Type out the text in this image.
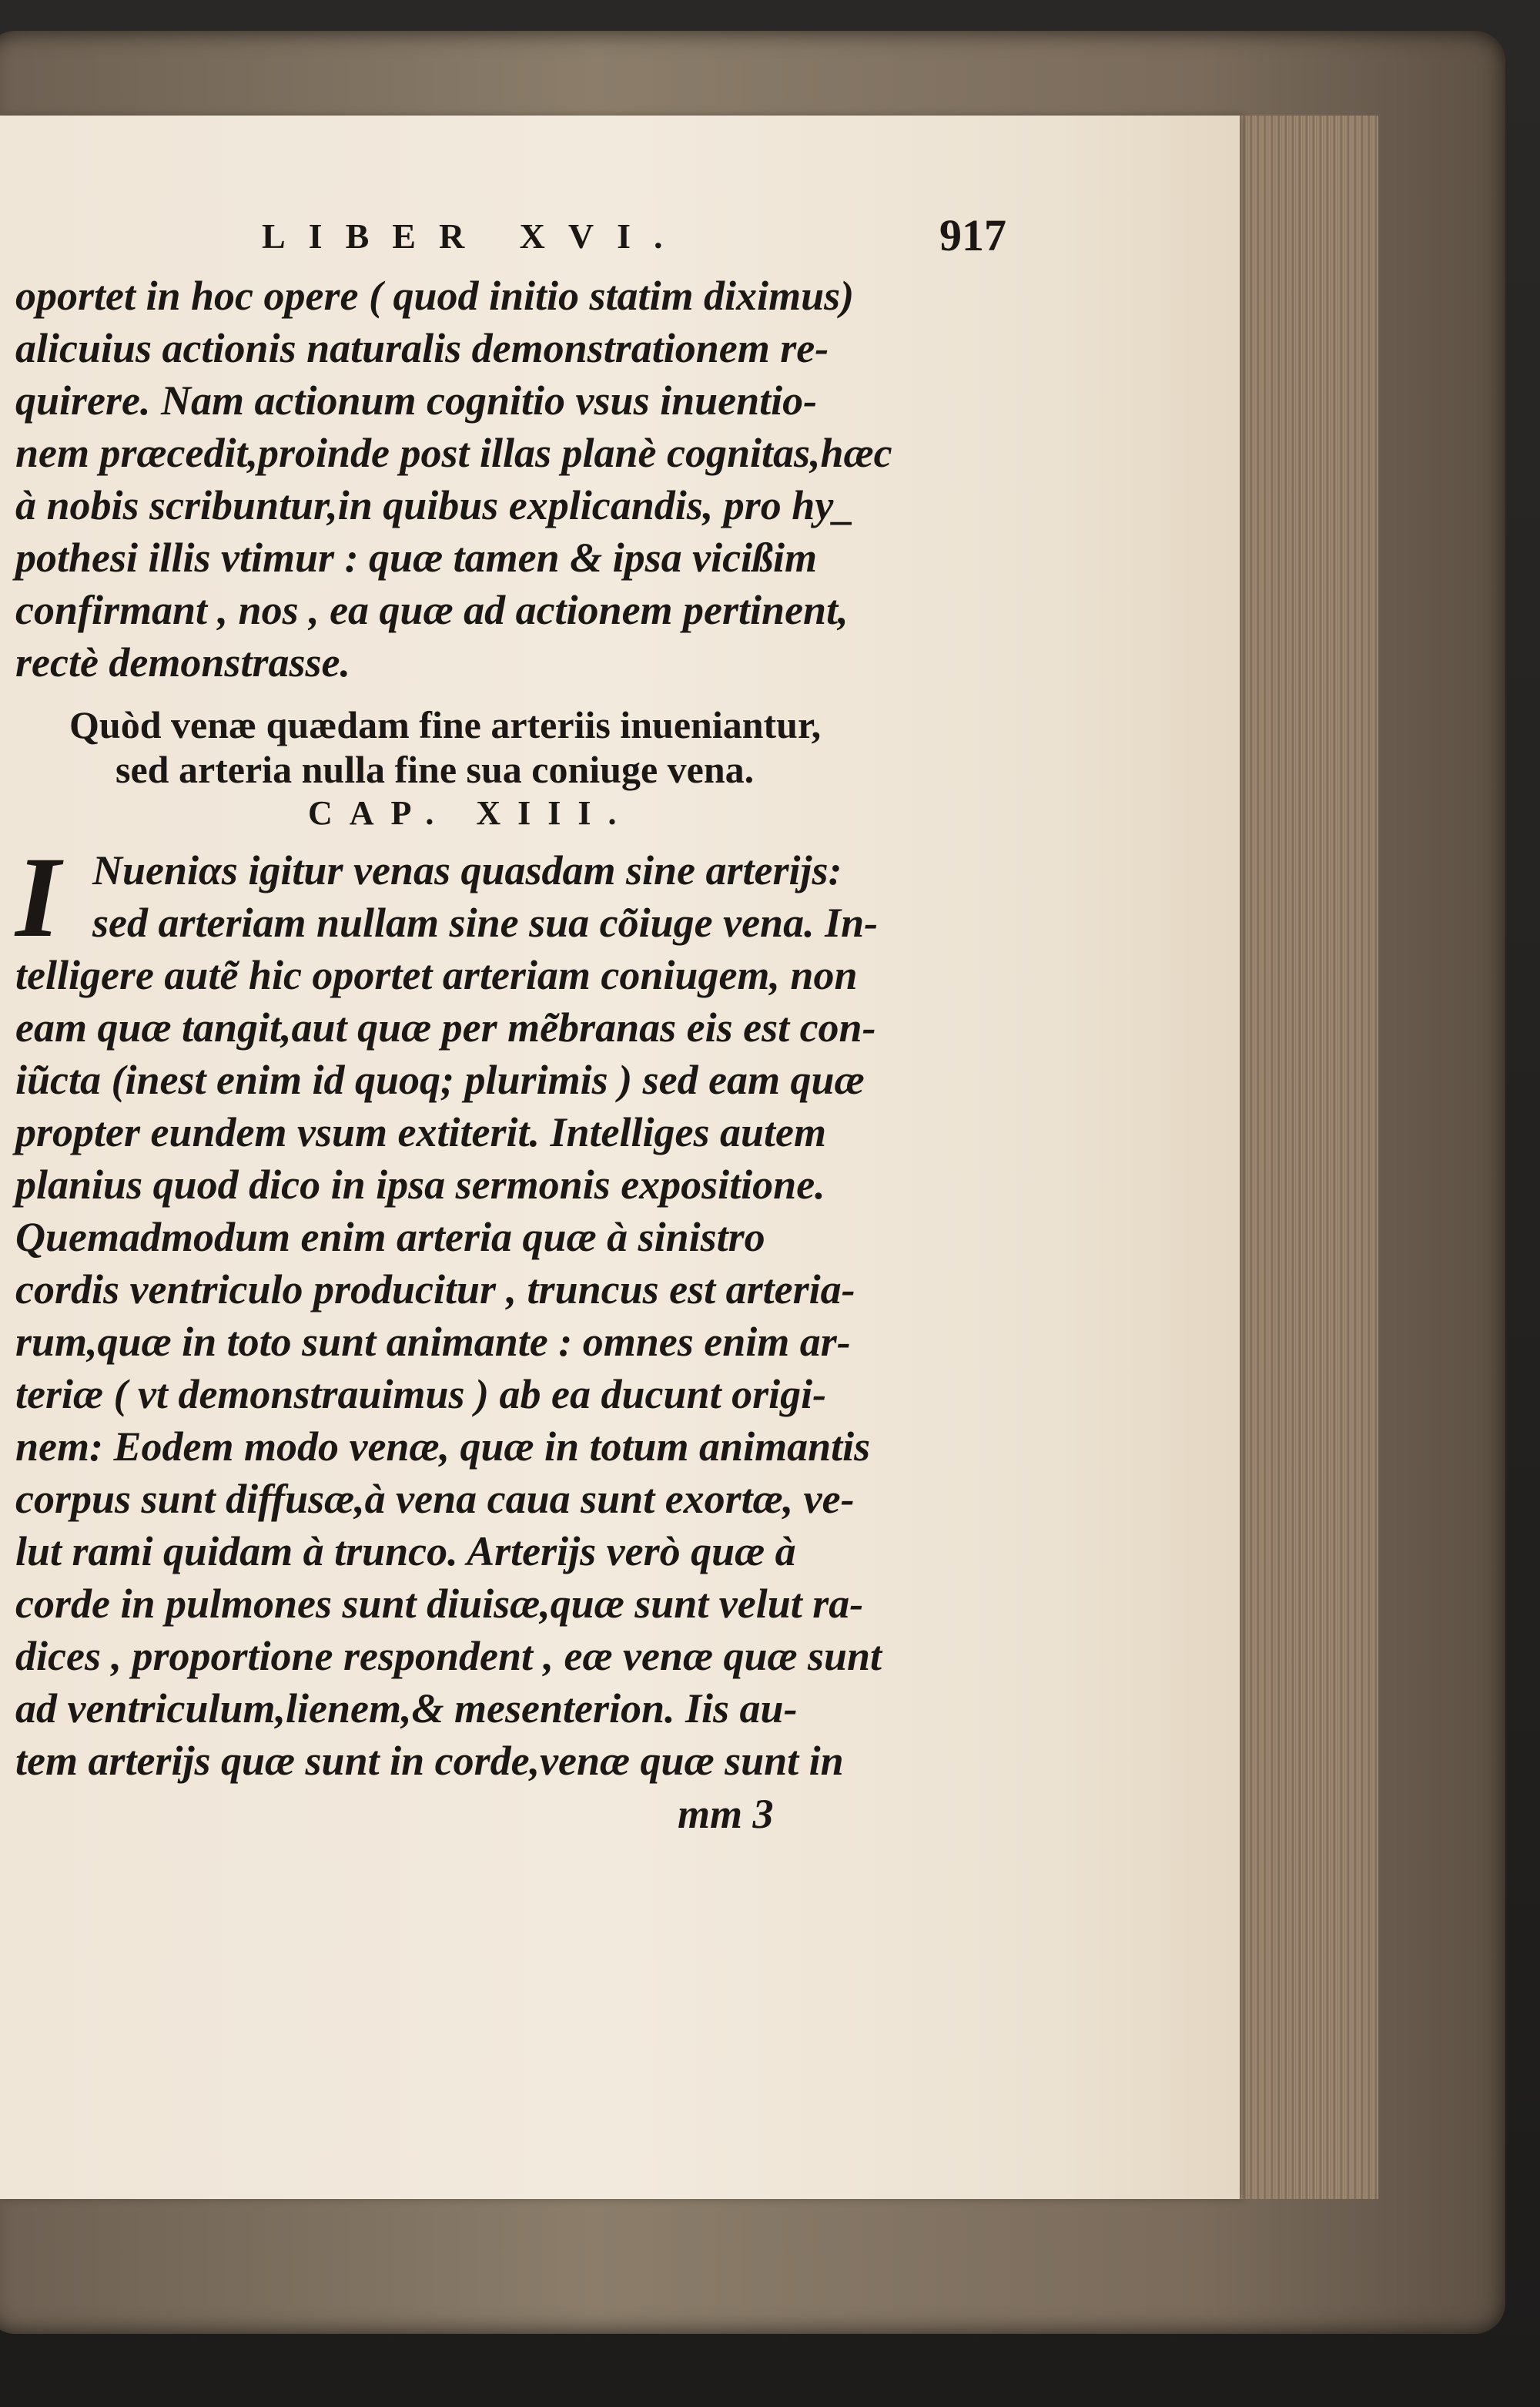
LIBER XVI.	917

oportet in hoc opere ( quod initio statim diximus)
alicuius actionis naturalis demonstrationem re-
quirere. Nam actionum cognitio vsus inuentio-
nem præcedit,proinde post illas planè cognitas,hæc
à nobis scribuntur,in quibus explicandis, pro hy_
pothesi illis vtimur : quæ tamen & ipsa vicißim
confirmant , nos , ea quæ ad actionem pertinent,
rectè demonstrasse.

Quòd venæ quædam fine arteriis inueniantur,
sed arteria nulla fine sua coniuge vena.
CAP. XIII.
I Nueniαs igitur venas quasdam sine arterijs:
sed arteriam nullam sine sua cõiuge vena. In-
telligere autẽ hic oportet arteriam coniugem, non
eam quæ tangit,aut quæ per mẽbranas eis est con-
iũcta (inest enim id quoq; plurimis ) sed eam quæ
propter eundem vsum extiterit. Intelliges autem
planius quod dico in ipsa sermonis expositione.
Quemadmodum enim arteria quæ à sinistro
cordis ventriculo producitur , truncus est arteria-
rum,quæ in toto sunt animante : omnes enim ar-
teriæ ( vt demonstrauimus ) ab ea ducunt origi-
nem: Eodem modo venæ, quæ in totum animantis
corpus sunt diffusæ,à vena caua sunt exortæ, ve-
lut rami quidam à trunco. Arterijs verò quæ à
corde in pulmones sunt diuisæ,quæ sunt velut ra-
dices , proportione respondent , eæ venæ quæ sunt
ad ventriculum,lienem,& mesenterion. Iis au-
tem arterijs quæ sunt in corde,venæ quæ sunt in
mm 3
